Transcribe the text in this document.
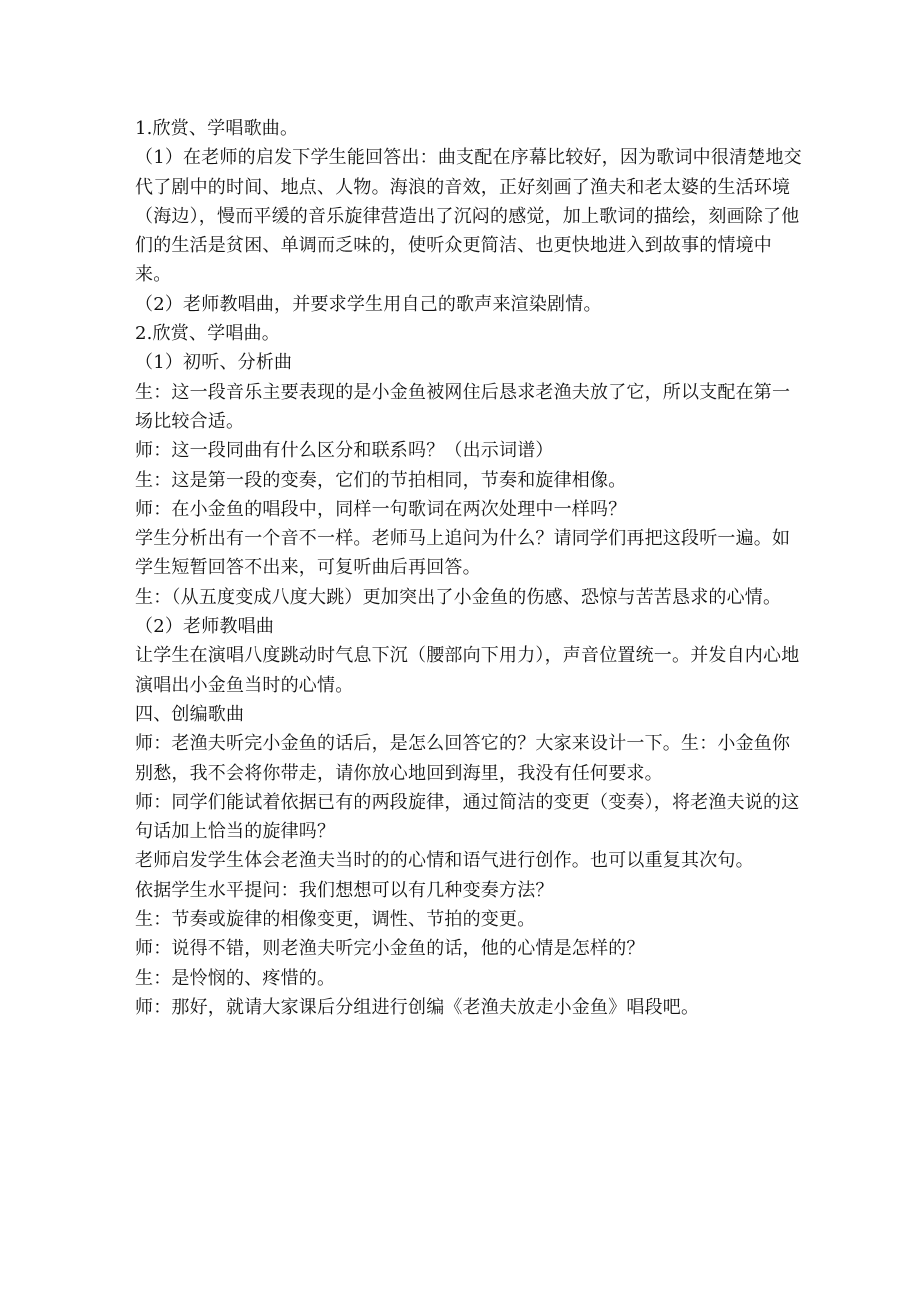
1.欣赏、学唱歌曲。

（1）在老师的启发下学生能回答出：曲支配在序幕比较好，因为歌词中很清楚地交代了剧中的时间、地点、人物。海浪的音效，正好刻画了渔夫和老太婆的生活环境（海边），慢而平缓的音乐旋律营造出了沉闷的感觉，加上歌词的描绘，刻画除了他们的生活是贫困、单调而乏味的，使听众更简洁、也更快地进入到故事的情境中来。

（2）老师教唱曲，并要求学生用自己的歌声来渲染剧情。

2.欣赏、学唱曲。

（1）初听、分析曲

生：这一段音乐主要表现的是小金鱼被网住后恳求老渔夫放了它，所以支配在第一场比较合适。

师：这一段同曲有什么区分和联系吗？（出示词谱）

生：这是第一段的变奏，它们的节拍相同，节奏和旋律相像。

师：在小金鱼的唱段中，同样一句歌词在两次处理中一样吗？

学生分析出有一个音不一样。老师马上追问为什么？请同学们再把这段听一遍。如学生短暂回答不出来，可复听曲后再回答。

生：（从五度变成八度大跳）更加突出了小金鱼的伤感、恐惊与苦苦恳求的心情。

（2）老师教唱曲

让学生在演唱八度跳动时气息下沉（腰部向下用力），声音位置统一。并发自内心地演唱出小金鱼当时的心情。

四、创编歌曲

师：老渔夫听完小金鱼的话后，是怎么回答它的？大家来设计一下。生：小金鱼你别愁，我不会将你带走，请你放心地回到海里，我没有任何要求。

师：同学们能试着依据已有的两段旋律，通过简洁的变更（变奏），将老渔夫说的这句话加上恰当的旋律吗？

老师启发学生体会老渔夫当时的的心情和语气进行创作。也可以重复其次句。

依据学生水平提问：我们想想可以有几种变奏方法？

生：节奏或旋律的相像变更，调性、节拍的变更。

师：说得不错，则老渔夫听完小金鱼的话，他的心情是怎样的？

生：是怜悯的、疼惜的。

师：那好，就请大家课后分组进行创编《老渔夫放走小金鱼》唱段吧。
